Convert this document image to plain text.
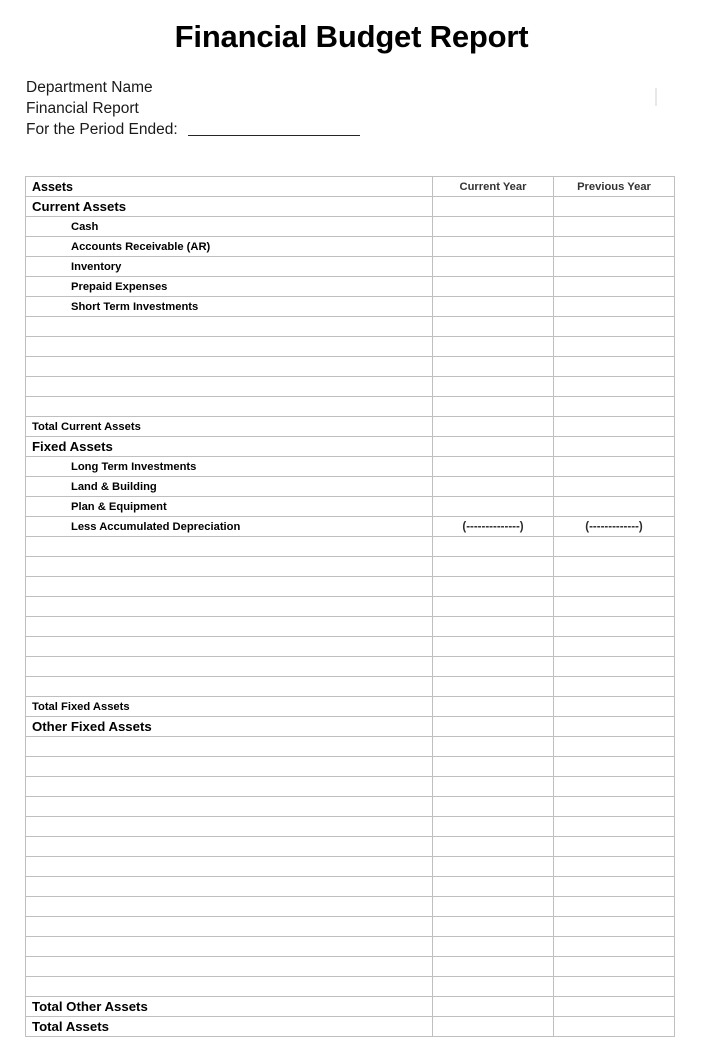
Financial Budget Report
Department Name
Financial Report
For the Period Ended:
Assets	Current Year	Previous Year

Current Assets		

Cash		

Accounts Receivable (AR)		

Inventory		

Prepaid Expenses		

Short Term Investments		

Total Current Assets		

Fixed Assets		

Long Term Investments		

Land & Building		

Plan & Equipment		

Less Accumulated Depreciation	(--------------)	(-------------)

Total Fixed Assets		

Other Fixed Assets		

Total Other Assets		

Total Assets		
